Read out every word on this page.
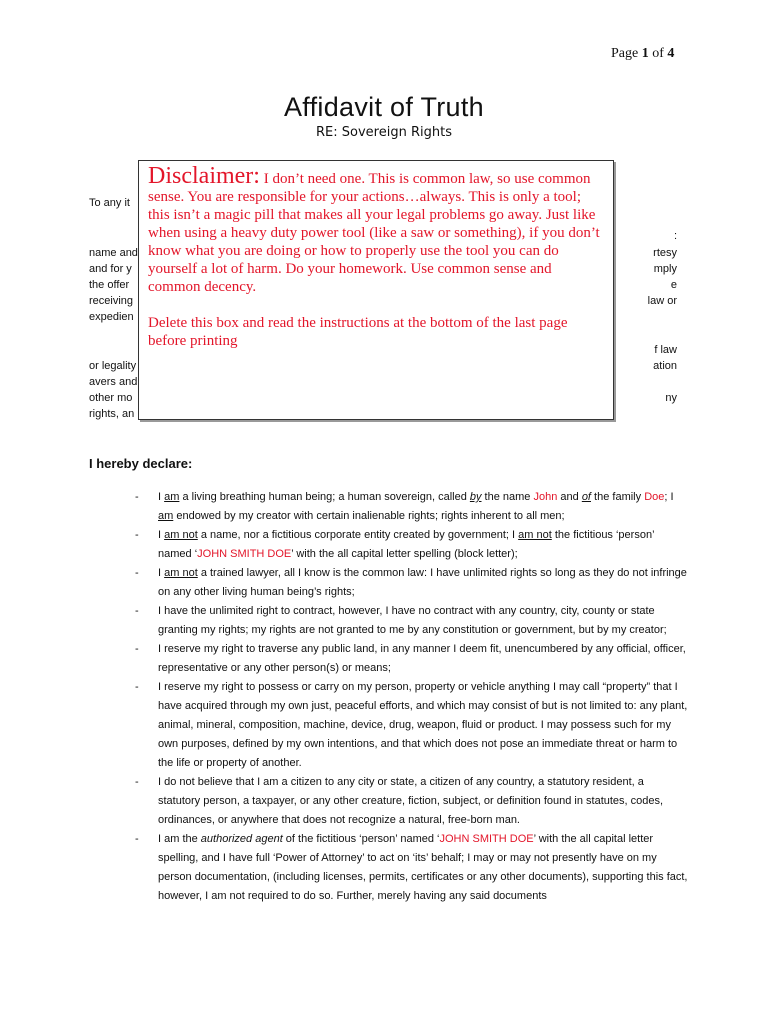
Page 1 of 4
Affidavit of Truth
RE: Sovereign Rights
To any it
name and
and for y
the offer
receiving
expedien
or legality
avers and
other mo
rights, an
:
rtesy
mply
e
law or
f law
ation
ny

Disclaimer: I don’t need one. This is common law, so use common sense. You are responsible for your actions…always. This is only a tool; this isn’t a magic pill that makes all your legal problems go away. Just like when using a heavy duty power tool (like a saw or something), if you don’t know what you are doing or how to properly use the tool you can do yourself a lot of harm. Do your homework. Use common sense and common decency.

Delete this box and read the instructions at the bottom of the last page before printing

I hereby declare:
- I am a living breathing human being; a human sovereign, called by the name John and of the family Doe; I am endowed by my creator with certain inalienable rights; rights inherent to all men;
- I am not a name, nor a fictitious corporate entity created by government; I am not the fictitious ‘person’ named ‘JOHN SMITH DOE’ with the all capital letter spelling (block letter);
- I am not a trained lawyer, all I know is the common law: I have unlimited rights so long as they do not infringe on any other living human being’s rights;
- I have the unlimited right to contract, however, I have no contract with any country, city, county or state granting my rights; my rights are not granted to me by any constitution or government, but by my creator;
- I reserve my right to traverse any public land, in any manner I deem fit, unencumbered by any official, officer, representative or any other person(s) or means;
- I reserve my right to possess or carry on my person, property or vehicle anything I may call “property” that I have acquired through my own just, peaceful efforts, and which may consist of but is not limited to: any plant, animal, mineral, composition, machine, device, drug, weapon, fluid or product. I may possess such for my own purposes, defined by my own intentions, and that which does not pose an immediate threat or harm to the life or property of another.
- I do not believe that I am a citizen to any city or state, a citizen of any country, a statutory resident, a statutory person, a taxpayer, or any other creature, fiction, subject, or definition found in statutes, codes, ordinances, or anywhere that does not recognize a natural, free-born man.
- I am the authorized agent of the fictitious ‘person’ named ‘JOHN SMITH DOE’ with the all capital letter spelling, and I have full ‘Power of Attorney’ to act on ‘its’ behalf; I may or may not presently have on my person documentation, (including licenses, permits, certificates or any other documents), supporting this fact, however, I am not required to do so. Further, merely having any said documents
